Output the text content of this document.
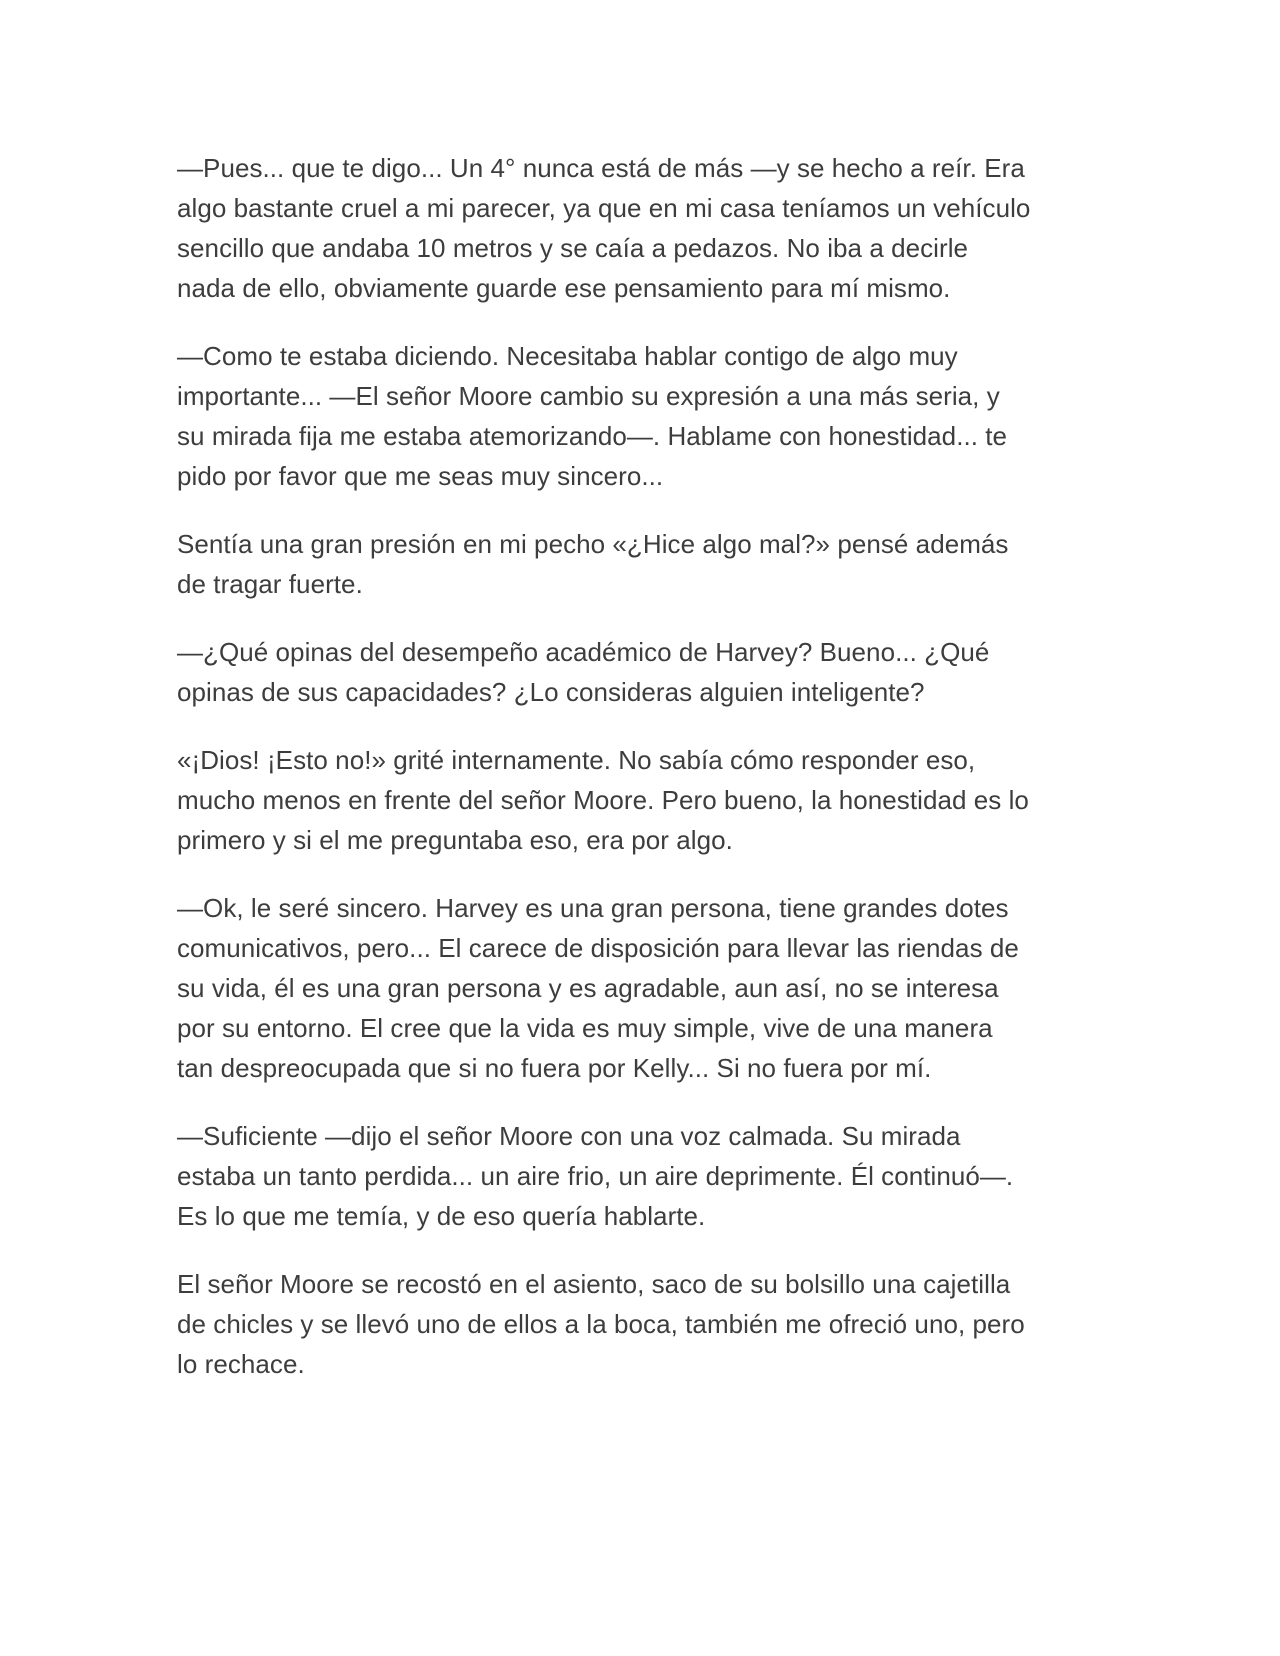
—Pues... que te digo... Un 4° nunca está de más —y se hecho a reír. Era
algo bastante cruel a mi parecer, ya que en mi casa teníamos un vehículo
sencillo que andaba 10 metros y se caía a pedazos. No iba a decirle
nada de ello, obviamente guarde ese pensamiento para mí mismo.

—Como te estaba diciendo. Necesitaba hablar contigo de algo muy
importante... —El señor Moore cambio su expresión a una más seria, y
su mirada fija me estaba atemorizando—. Hablame con honestidad... te
pido por favor que me seas muy sincero...

Sentía una gran presión en mi pecho «¿Hice algo mal?» pensé además
de tragar fuerte.

—¿Qué opinas del desempeño académico de Harvey? Bueno... ¿Qué
opinas de sus capacidades? ¿Lo consideras alguien inteligente?

«¡Dios! ¡Esto no!» grité internamente. No sabía cómo responder eso,
mucho menos en frente del señor Moore. Pero bueno, la honestidad es lo
primero y si el me preguntaba eso, era por algo.

—Ok, le seré sincero. Harvey es una gran persona, tiene grandes dotes
comunicativos, pero... El carece de disposición para llevar las riendas de
su vida, él es una gran persona y es agradable, aun así, no se interesa
por su entorno. El cree que la vida es muy simple, vive de una manera
tan despreocupada que si no fuera por Kelly... Si no fuera por mí.

—Suficiente —dijo el señor Moore con una voz calmada. Su mirada
estaba un tanto perdida... un aire frio, un aire deprimente. Él continuó—.
Es lo que me temía, y de eso quería hablarte.

El señor Moore se recostó en el asiento, saco de su bolsillo una cajetilla
de chicles y se llevó uno de ellos a la boca, también me ofreció uno, pero
lo rechace.
